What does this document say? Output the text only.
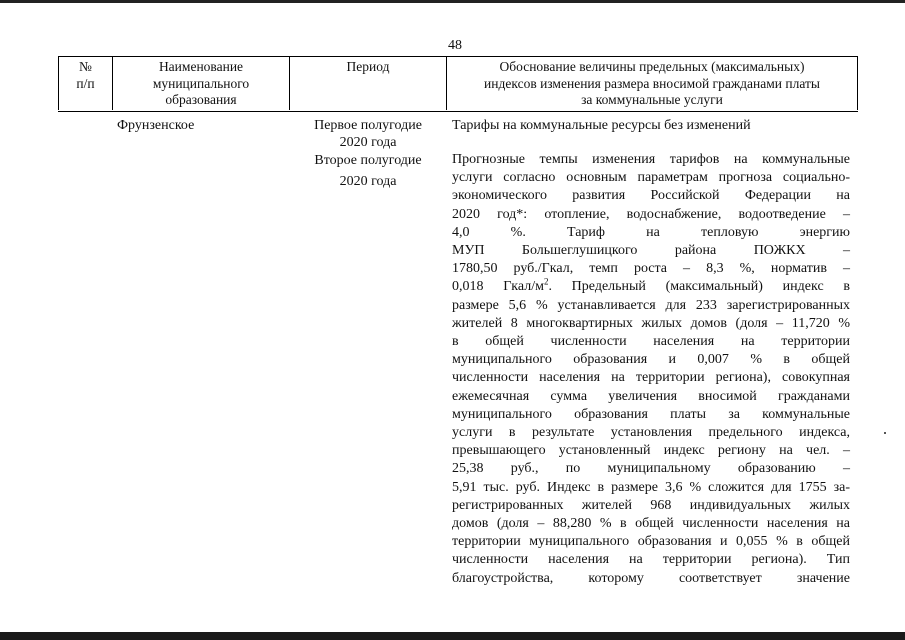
48
№
п/п
Наименование
муниципального
образования
Период	Обоснование величины предельных (максимальных)
индексов изменения размера вносимой гражданами платы
за коммунальные услуги
Фрунзенское	Первое полугодие
2020 года
Второе полугодие
2020 года
Тарифы на коммунальные ресурсы без изменений
Прогнозные темпы изменения тарифов на коммунальные
услуги согласно основным параметрам прогноза социально-
экономического развития Российской Федерации на
2020 год*: отопление, водоснабжение, водоотведение –
4,0 %. Тариф на тепловую энергию
МУП Большеглушицкого района ПОЖКХ –
1780,50 руб./Гкал, темп роста – 8,3 %, норматив –
0,018 Гкал/$м^2$. Предельный (максимальный) индекс в
размере 5,6 % устанавливается для 233 зарегистрированных
жителей 8 многоквартирных жилых домов (доля – 11,720 %
в общей численности населения на территории
муниципального образования и 0,007 % в общей
численности населения на территории региона), совокупная
ежемесячная сумма увеличения вносимой гражданами
муниципального образования платы за коммунальные
услуги в результате установления предельного индекса,
превышающего установленный индекс региону на чел. –
25,38 руб., по муниципальному образованию –
5,91 тыс. руб. Индекс в размере 3,6 % сложится для 1755 за-
регистрированных жителей 968 индивидуальных жилых
домов (доля – 88,280 % в общей численности населения на
территории муниципального образования и 0,055 % в общей
численности населения на территории региона). Тип
благоустройства, которому соответствует значение
